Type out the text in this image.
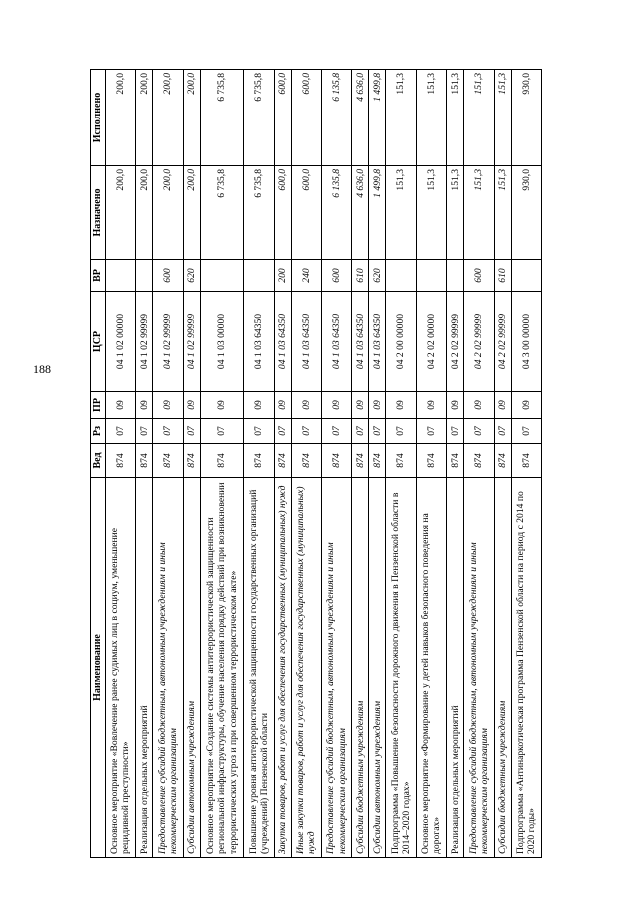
188
Наименование	Вед	Рз	ПР	ЦСР	ВР	Назначено	Исполнено
Основное мероприятие «Вовлечение ранее судимых лиц в социум, уменьшение рецидивной преступности»	874	07	09	04 1 02 00000		200,0	200,0
Реализация отдельных мероприятий	874	07	09	04 1 02 99999		200,0	200,0
Предоставление субсидий бюджетным, автономным учреждениям и иным некоммерческим организациям	874	07	09	04 1 02 99999	600	200,0	200,0
Субсидии автономным учреждениям	874	07	09	04 1 02 99999	620	200,0	200,0
Основное мероприятие «Создание системы антитеррористической защищенности региональной инфраструктуры, обучение населения порядку действий при возникновении террористических угроз и при совершенном террористическом акте»	874	07	09	04 1 03 00000		6 735,8	6 735,8
Повышение уровня антитеррористической защищенности государственных организаций (учреждений) Пензенской области	874	07	09	04 1 03 64350		6 735,8	6 735,8
Закупка товаров, работ и услуг для обеспечения государственных (муниципальных) нужд	874	07	09	04 1 03 64350	200	600,0	600,0
Иные закупки товаров, работ и услуг для обеспечения государственных (муниципальных) нужд	874	07	09	04 1 03 64350	240	600,0	600,0
Предоставление субсидий бюджетным, автономным учреждениям и иным некоммерческим организациям	874	07	09	04 1 03 64350	600	6 135,8	6 135,8
Субсидии бюджетным учреждениям	874	07	09	04 1 03 64350	610	4 636,0	4 636,0
Субсидии автономным учреждениям	874	07	09	04 1 03 64350	620	1 499,8	1 499,8
Подпрограмма «Повышение безопасности дорожного движения в Пензенской области в 2014–2020 годах»	874	07	09	04 2 00 00000		151,3	151,3
Основное мероприятие «Формирование у детей навыков безопасного поведения на дорогах»	874	07	09	04 2 02 00000		151,3	151,3
Реализация отдельных мероприятий	874	07	09	04 2 02 99999		151,3	151,3
Предоставление субсидий бюджетным, автономным учреждениям и иным некоммерческим организациям	874	07	09	04 2 02 99999	600	151,3	151,3
Субсидии бюджетным учреждениям	874	07	09	04 2 02 99999	610	151,3	151,3
Подпрограмма «Антинаркотическая программа Пензенской области на период с 2014 по 2020 годы»	874	07	09	04 3 00 00000		930,0	930,0
